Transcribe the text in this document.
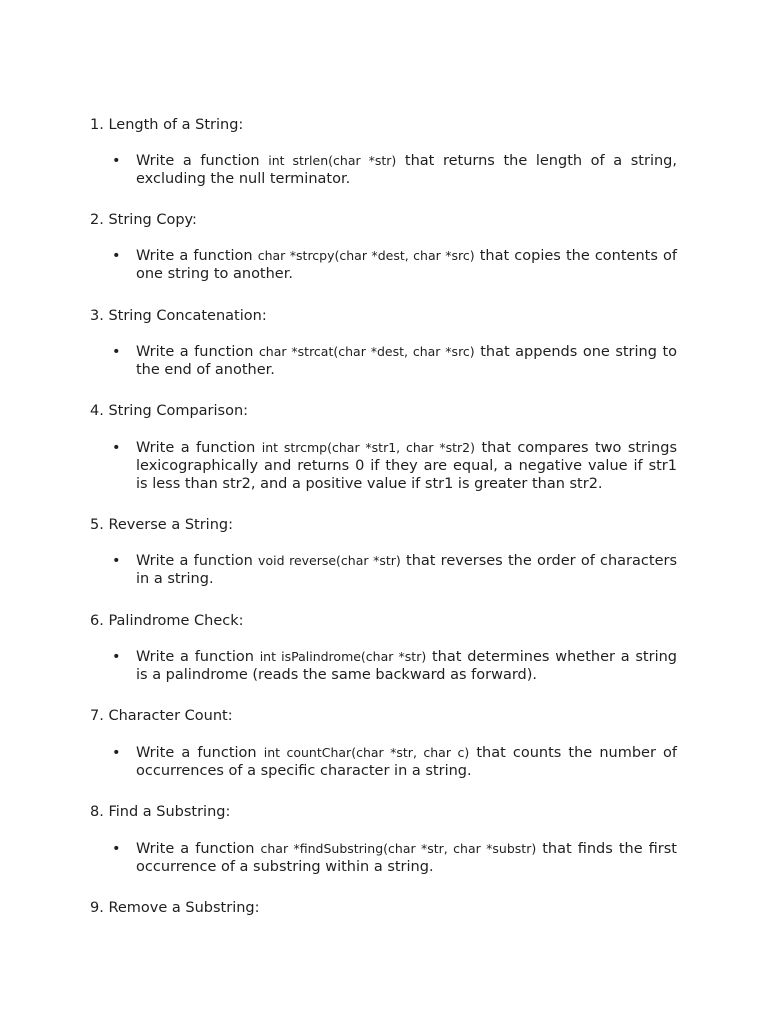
1. Length of a String:
• Write a function int strlen(char *str) that returns the length of a string, excluding the null terminator.
2. String Copy:
• Write a function char *strcpy(char *dest, char *src) that copies the contents of one string to another.
3. String Concatenation:
• Write a function char *strcat(char *dest, char *src) that appends one string to the end of another.
4. String Comparison:
• Write a function int strcmp(char *str1, char *str2) that compares two strings lexicographically and returns 0 if they are equal, a negative value if str1 is less than str2, and a positive value if str1 is greater than str2.
5. Reverse a String:
• Write a function void reverse(char *str) that reverses the order of characters in a string.
6. Palindrome Check:
• Write a function int isPalindrome(char *str) that determines whether a string is a palindrome (reads the same backward as forward).
7. Character Count:
• Write a function int countChar(char *str, char c) that counts the number of occurrences of a specific character in a string.
8. Find a Substring:
• Write a function char *findSubstring(char *str, char *substr) that finds the first occurrence of a substring within a string.
9. Remove a Substring:
